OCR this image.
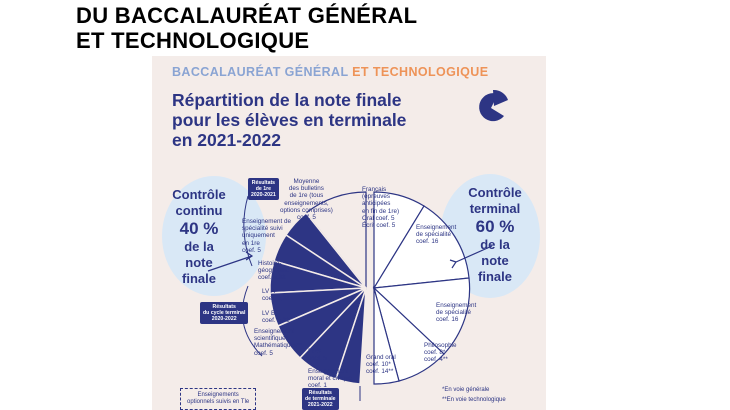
DU BACCALAURÉAT GÉNÉRAL
ET TECHNOLOGIQUE
BACCALAURÉAT GÉNÉRAL ET TECHNOLOGIQUE
Répartition de la note finale
pour les élèves en terminale
en 2021-2022
Contrôle
continu
40 %
de la
note
finale
Contrôle
terminal
60 %
de la
note
finale
Résultats
de 1re
2020-2021
Résultats
du cycle terminal
2020-2022
Résultats
de terminale
2021-2022
Moyenne
des bulletins
de 1re (tous
enseignements,
options comprises)
coef. 5
Enseignement de
spécialité suivi
uniquement
en 1re
coef. 5
Histoire-
géographie
coef. 6,33
LV A
coef. 6,33
LV B
coef. 6,33
Enseignement
scientifique*
Mathématiques**
coef. 5	EPS
coef. 5
Enseignement
moral et civique
coef. 1
Français
(épreuves
anticipées
en fin de 1re)
Oral coef. 5
Écrit coef. 5	Enseignement
de spécialité
coef. 16
Enseignement
de spécialité
coef. 16
Philosophie
coef. 8*
coef. 4**
Grand oral
coef. 10*
coef. 14**
Enseignements
optionnels suivis en Tle
*En voie générale
**En voie technologique
